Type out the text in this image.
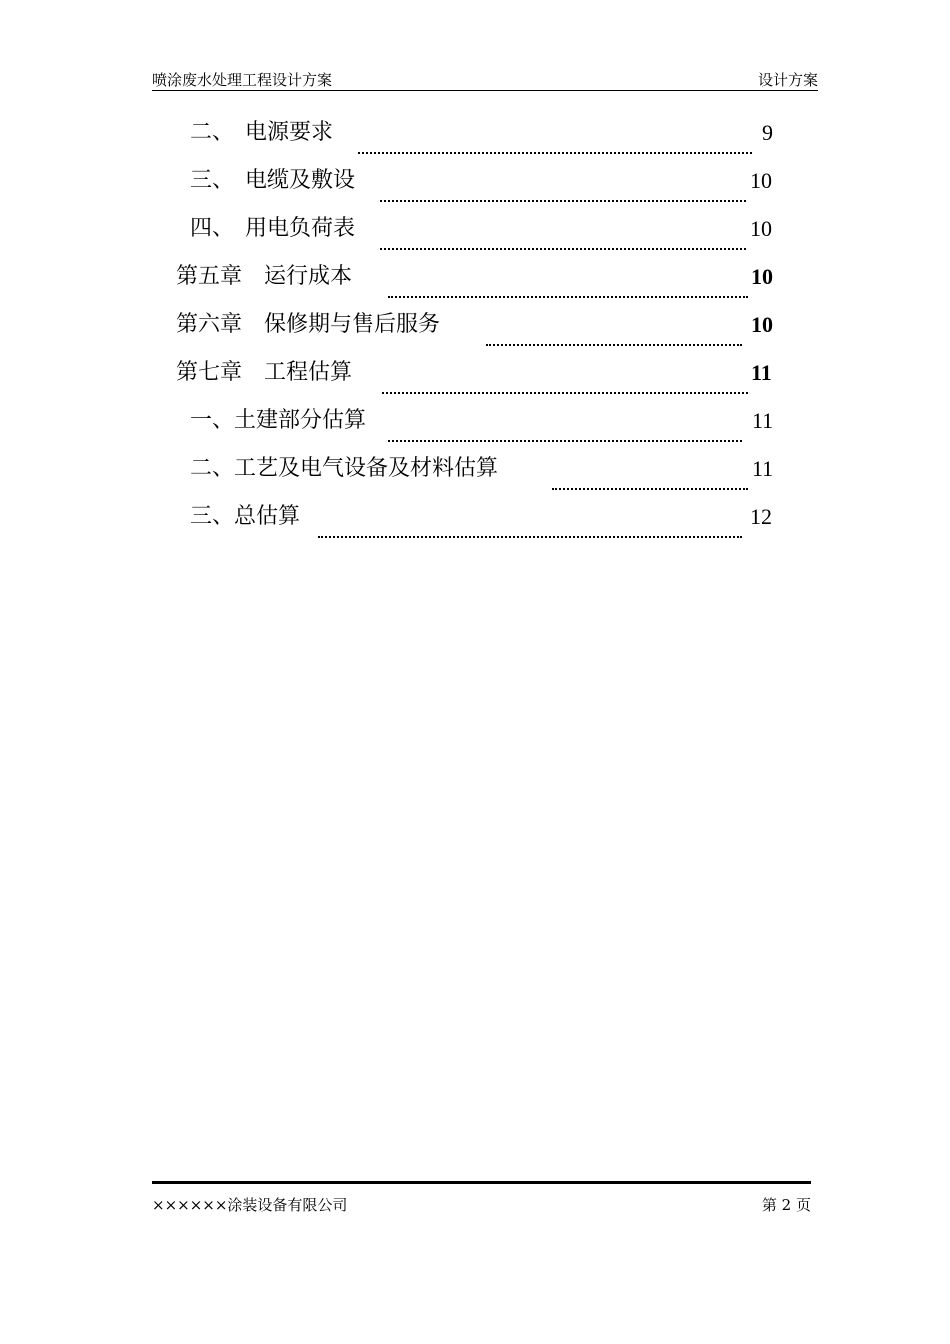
喷涂废水处理工程设计方案	设计方案
二、　电源要求	9
三、　电缆及敷设	10
四、　用电负荷表	10
第五章　运行成本	10
第六章　保修期与售后服务	10
第七章　工程估算	11
一、土建部分估算	11
二、工艺及电气设备及材料估算	11
三、总估算	12
××××××涂装设备有限公司	第 2 页
